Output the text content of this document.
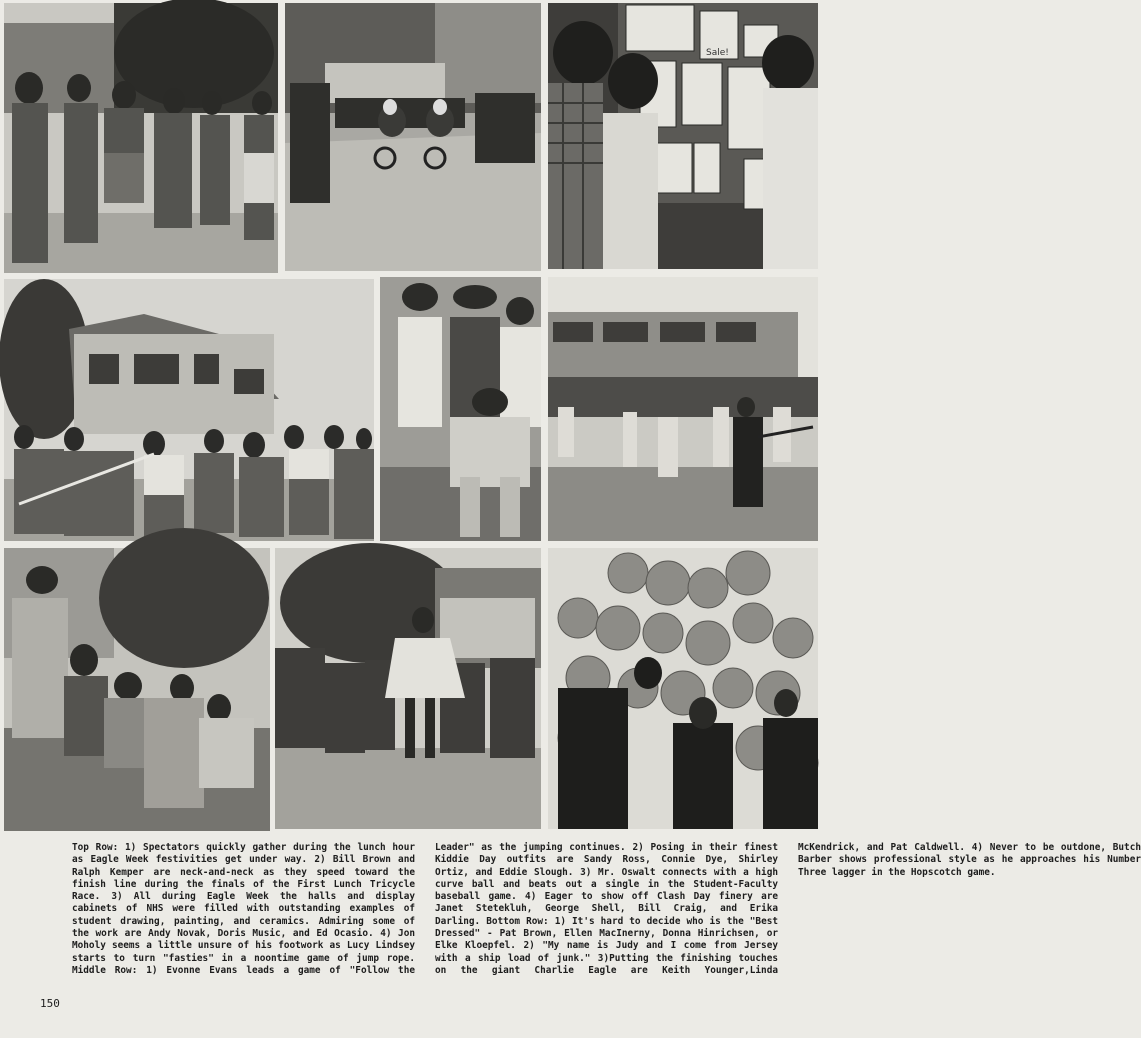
Sale!
Top Row: 1) Spectators quickly gather during the lunch hour as Eagle Week festivities get under way. 2) Bill Brown and Ralph Kemper are neck-and-neck as they speed toward the finish line during the finals of the First Lunch Tricycle Race. 3) All during Eagle Week the halls and display cabinets of NHS were filled with outstanding examples of student drawing, painting, and ceramics. Admiring some of the work are Andy Novak, Doris Music, and Ed Ocasio. 4) Jon Moholy seems a little unsure of his footwork as Lucy Lindsey starts to turn "fasties" in a noontime game of jump rope. Middle Row: 1) Evonne Evans leads a game of "Follow the Leader" as the jumping continues. 2) Posing in their finest Kiddie Day outfits are Sandy Ross, Connie Dye, Shirley Ortiz, and Eddie Slough. 3) Mr. Oswalt connects with a high curve ball and beats out a single in the Student-Faculty baseball game. 4) Eager to show off Clash Day finery are Janet Stetekluh, George Shell, Bill Craig, and Erika Darling. Bottom Row: 1) It's hard to decide who is the "Best Dressed" - Pat Brown, Ellen MacInerny, Donna Hinrichsen, or Elke Kloepfel. 2) "My name is Judy and I come from Jersey with a ship load of junk." 3)Putting the finishing touches on the giant Charlie Eagle are Keith Younger,Linda McKendrick, and Pat Caldwell. 4) Never to be outdone, Butch Barber shows professional style as he approaches his Number Three lagger in the Hopscotch game.
150
